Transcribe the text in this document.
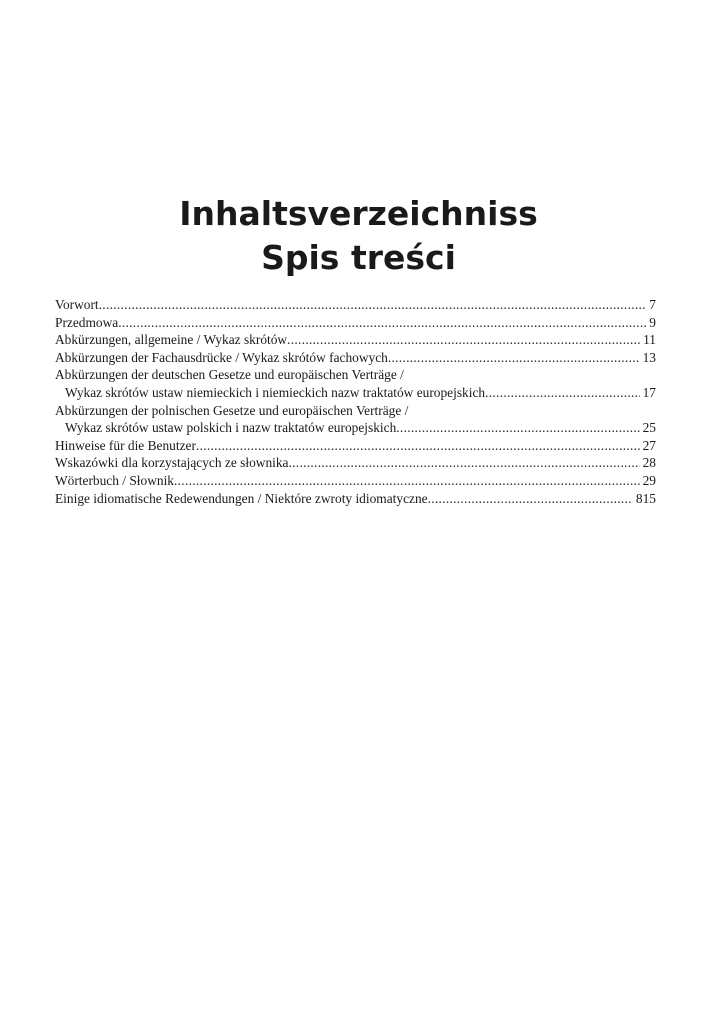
Inhaltsverzeichniss
Spis treści
Vorwort .....	7
Przedmowa .....	9
Abkürzungen, allgemeine / Wykaz skrótów .....	11
Abkürzungen der Fachausdrücke / Wykaz skrótów fachowych .....	13
Abkürzungen der deutschen Gesetze und europäischen Verträge /
Wykaz skrótów ustaw niemieckich i niemieckich nazw traktatów europejskich .....	17
Abkürzungen der polnischen Gesetze und europäischen Verträge /
Wykaz skrótów ustaw polskich i nazw traktatów europejskich .....	25
Hinweise für die Benutzer .....	27
Wskazówki dla korzystających ze słownika .....	28
Wörterbuch / Słownik .....	29
Einige idiomatische Redewendungen / Niektóre zwroty idiomatyczne .....	815
